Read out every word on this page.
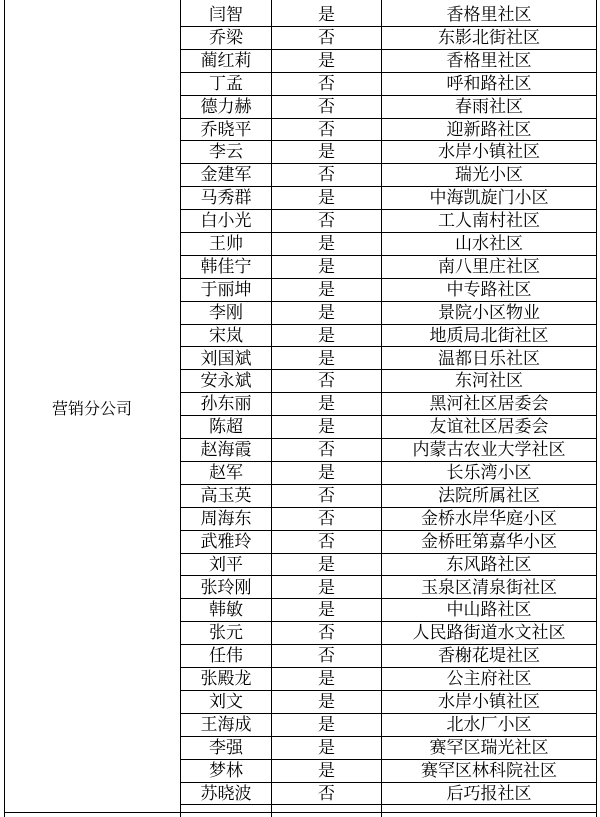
营销分公司
闫智	是	香格里社区
乔梁	否	东影北街社区
蔺红莉	是	香格里社区
丁孟	否	呼和路社区
德力赫	否	春雨社区
乔晓平	否	迎新路社区
李云	是	水岸小镇社区
金建军	否	瑞光小区
马秀群	是	中海凯旋门小区
白小光	否	工人南村社区
王帅	是	山水社区
韩佳宁	是	南八里庄社区
于丽坤	是	中专路社区
李刚	是	景院小区物业
宋岚	是	地质局北街社区
刘国斌	是	温都日乐社区
安永斌	否	东河社区
孙东丽	是	黑河社区居委会
陈超	是	友谊社区居委会
赵海霞	否	内蒙古农业大学社区
赵军	是	长乐湾小区
高玉英	否	法院所属社区
周海东	否	金桥水岸华庭小区
武雅玲	否	金桥旺第嘉华小区
刘平	是	东风路社区
张玲刚	是	玉泉区清泉街社区
韩敏	是	中山路社区
张元	否	人民路街道水文社区
任伟	否	香榭花堤社区
张殿龙	是	公主府社区
刘文	是	水岸小镇社区
王海成	是	北水厂小区
李强	是	赛罕区瑞光社区
梦林	是	赛罕区林科院社区
苏晓波	否	后巧报社区
